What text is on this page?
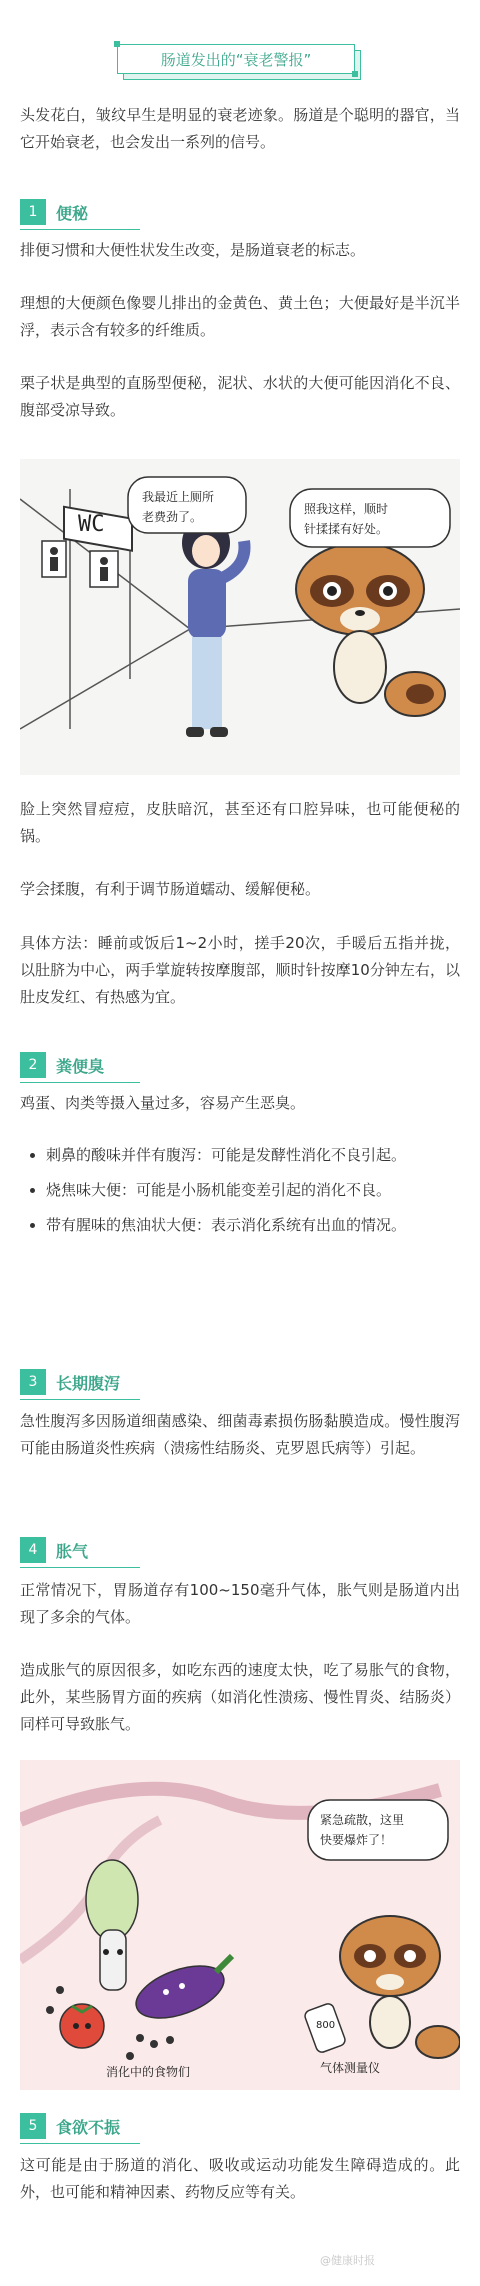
肠道发出的“衰老警报”

头发花白，皱纹早生是明显的衰老迹象。肠道是个聪明的器官，当它开始衰老，也会发出一系列的信号。

1	便秘

排便习惯和大便性状发生改变，是肠道衰老的标志。

理想的大便颜色像婴儿排出的金黄色、黄土色；大便最好是半沉半浮，表示含有较多的纤维质。

栗子状是典型的直肠型便秘，泥状、水状的大便可能因消化不良、腹部受凉导致。

WC
我最近上厕所
老费劲了。
照我这样，顺时
针揉揉有好处。

脸上突然冒痘痘，皮肤暗沉，甚至还有口腔异味，也可能便秘的锅。

学会揉腹，有利于调节肠道蠕动、缓解便秘。

具体方法：睡前或饭后1~2小时，搓手20次，手暖后五指并拢，以肚脐为中心，两手掌旋转按摩腹部，顺时针按摩10分钟左右，以肚皮发红、有热感为宜。

2	粪便臭

鸡蛋、肉类等摄入量过多，容易产生恶臭。

刺鼻的酸味并伴有腹泻：可能是发酵性消化不良引起。
烧焦味大便：可能是小肠机能变差引起的消化不良。
带有腥味的焦油状大便：表示消化系统有出血的情况。
3	长期腹泻

急性腹泻多因肠道细菌感染、细菌毒素损伤肠黏膜造成。慢性腹泻可能由肠道炎性疾病（溃疡性结肠炎、克罗恩氏病等）引起。

4	胀气

正常情况下，胃肠道存有100~150毫升气体，胀气则是肠道内出现了多余的气体。

造成胀气的原因很多，如吃东西的速度太快，吃了易胀气的食物，此外，某些肠胃方面的疾病（如消化性溃疡、慢性胃炎、结肠炎）同样可导致胀气。

800
紧急疏散，这里
快要爆炸了！
消化中的食物们	气体测量仪
5	食欲不振

这可能是由于肠道的消化、吸收或运动功能发生障碍造成的。此外，也可能和精神因素、药物反应等有关。

@健康时报
